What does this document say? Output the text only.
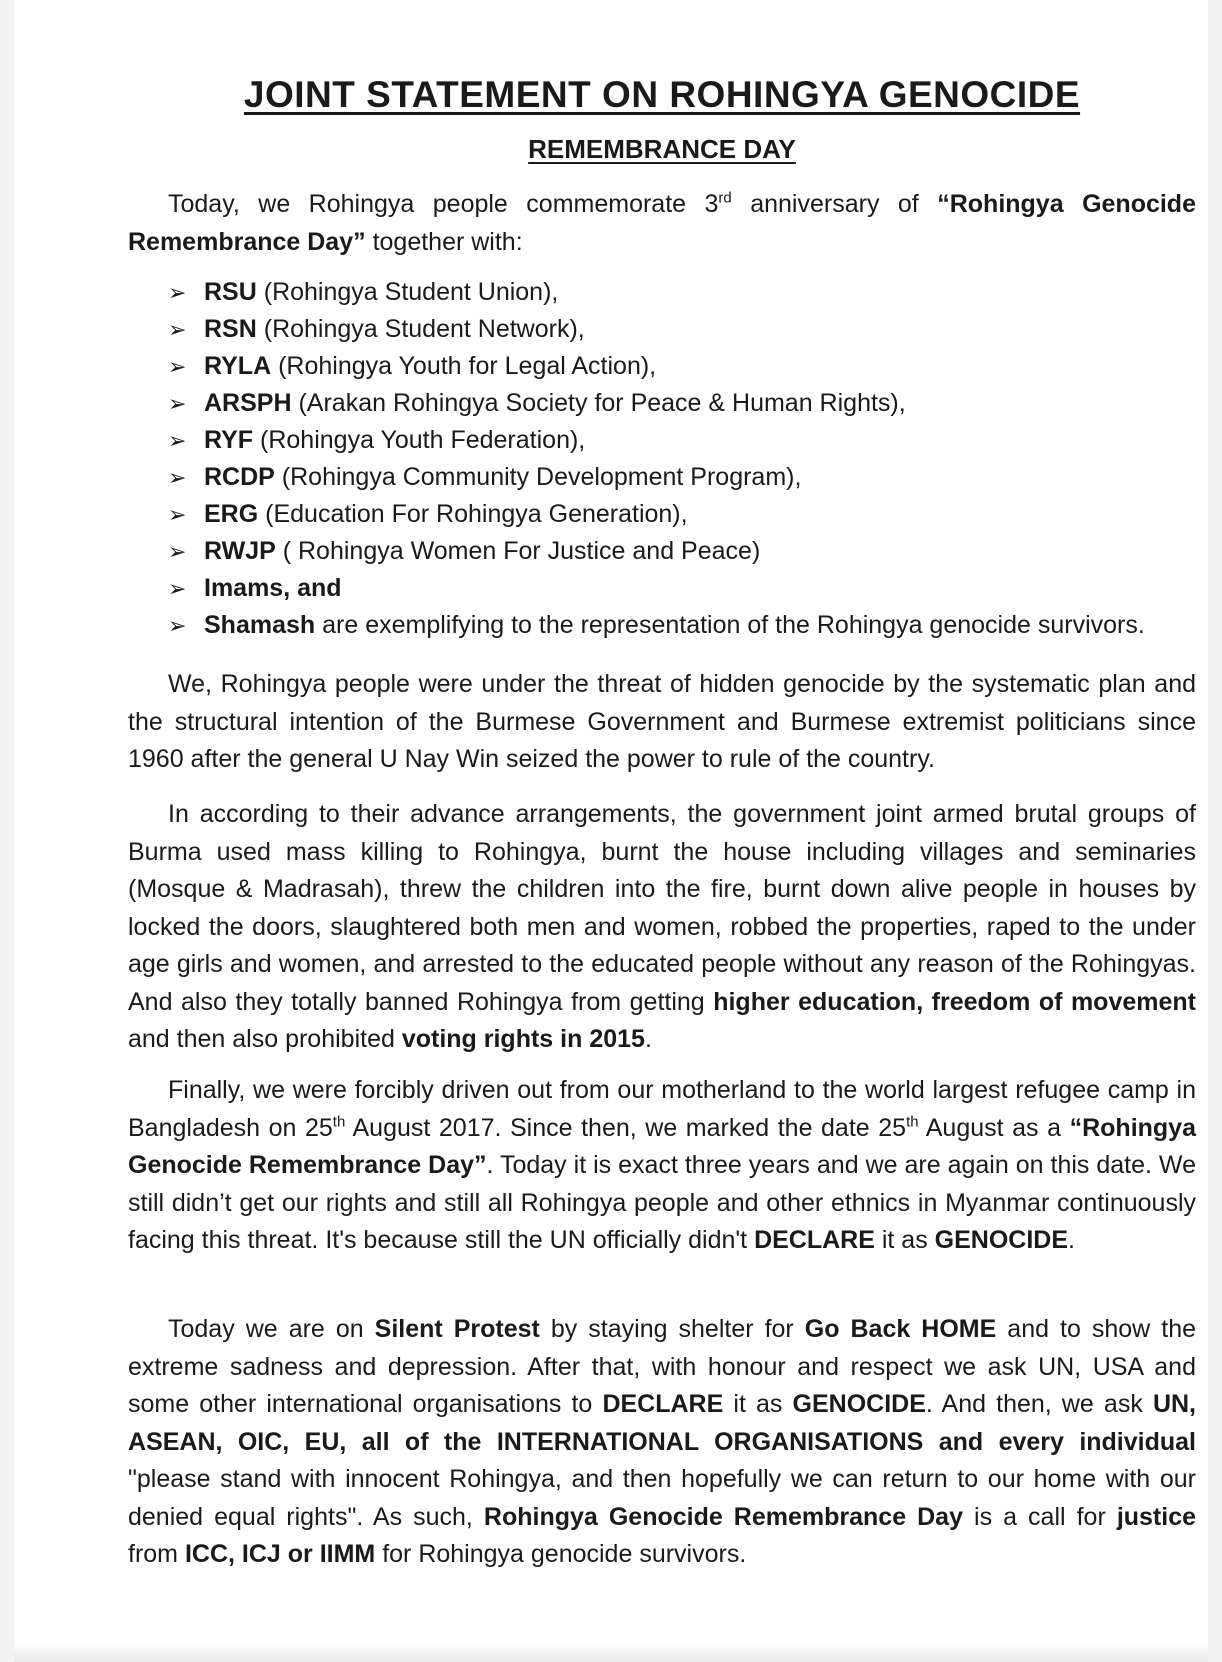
JOINT STATEMENT ON ROHINGYA GENOCIDE
REMEMBRANCE DAY

Today, we Rohingya people commemorate 3rd anniversary of “Rohingya Genocide Remembrance Day” together with:

➢ RSU (Rohingya Student Union),
➢ RSN (Rohingya Student Network),
➢ RYLA (Rohingya Youth for Legal Action),
➢ ARSPH (Arakan Rohingya Society for Peace & Human Rights),
➢ RYF (Rohingya Youth Federation),
➢ RCDP (Rohingya Community Development Program),
➢ ERG (Education For Rohingya Generation),
➢ RWJP ( Rohingya Women For Justice and Peace)
➢ Imams, and
➢ Shamash are exemplifying to the representation of the Rohingya genocide survivors.

We, Rohingya people were under the threat of hidden genocide by the systematic plan and the structural intention of the Burmese Government and Burmese extremist politicians since 1960 after the general U Nay Win seized the power to rule of the country.

In according to their advance arrangements, the government joint armed brutal groups of Burma used mass killing to Rohingya, burnt the house including villages and seminaries (Mosque & Madrasah), threw the children into the fire, burnt down alive people in houses by locked the doors, slaughtered both men and women, robbed the properties, raped to the under age girls and women, and arrested to the educated people without any reason of the Rohingyas. And also they totally banned Rohingya from getting higher education, freedom of movement and then also prohibited voting rights in 2015.

Finally, we were forcibly driven out from our motherland to the world largest refugee camp in Bangladesh on 25th August 2017. Since then, we marked the date 25th August as a “Rohingya Genocide Remembrance Day”. Today it is exact three years and we are again on this date. We still didn’t get our rights and still all Rohingya people and other ethnics in Myanmar continuously facing this threat. It's because still the UN officially didn't DECLARE it as GENOCIDE.

Today we are on Silent Protest by staying shelter for Go Back HOME and to show the extreme sadness and depression. After that, with honour and respect we ask UN, USA and some other international organisations to DECLARE it as GENOCIDE. And then, we ask UN, ASEAN, OIC, EU, all of the INTERNATIONAL ORGANISATIONS and every individual "please stand with innocent Rohingya, and then hopefully we can return to our home with our denied equal rights". As such, Rohingya Genocide Remembrance Day is a call for justice from ICC, ICJ or IIMM for Rohingya genocide survivors.
